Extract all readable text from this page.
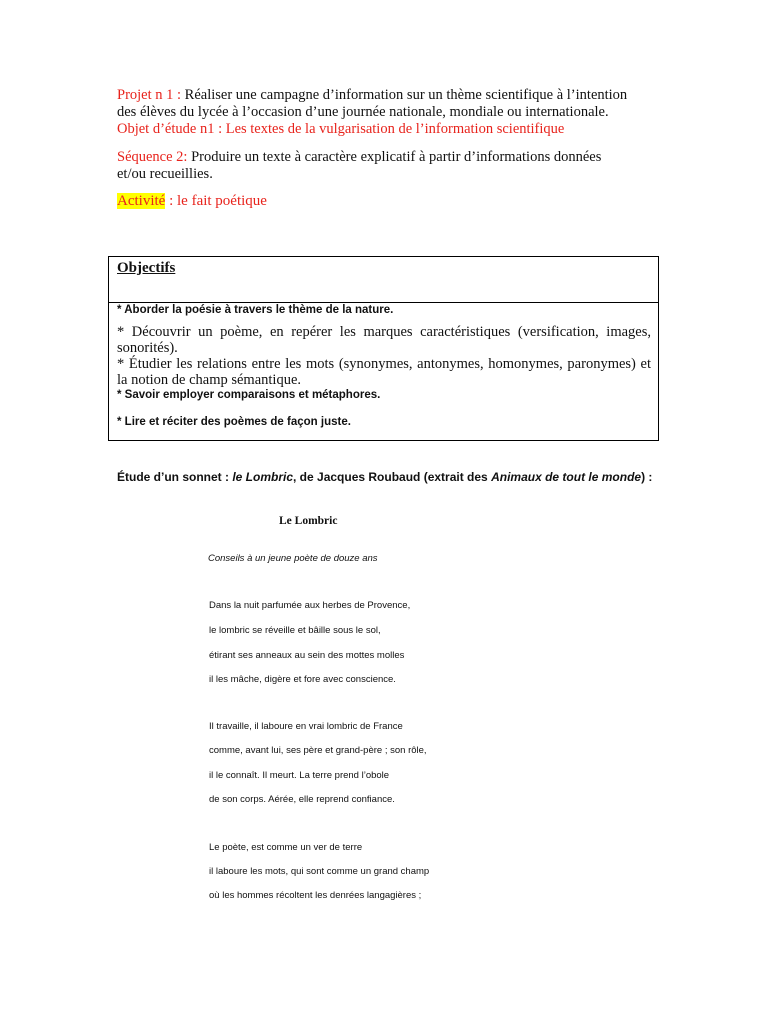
Projet n 1 : Réaliser une campagne d’information sur un thème scientifique à l’intention
des élèves du lycée à l’occasion d’une journée nationale, mondiale ou internationale.
Objet d’étude n1 : Les textes de la vulgarisation de l’information scientifique

Séquence 2: Produire un texte à caractère explicatif à partir d’informations données
et/ou recueillies.

Activité : le fait poétique

Objectifs

* Aborder la poésie à travers le thème de la nature.

* Découvrir un poème, en repérer les marques caractéristiques (versification, images, sonorités).

* Étudier les relations entre les mots (synonymes, antonymes, homonymes, paronymes) et la notion de champ sémantique.

* Savoir employer comparaisons et métaphores.

* Lire et réciter des poèmes de façon juste.

Étude d’un sonnet : le Lombric, de Jacques Roubaud (extrait des Animaux de tout le monde) :
Le Lombric
Conseils à un jeune poète de douze ans
Dans la nuit parfumée aux herbes de Provence,
le lombric se réveille et bâille sous le sol,
étirant ses anneaux au sein des mottes molles
il les mâche, digère et fore avec conscience.
Il travaille, il laboure en vrai lombric de France
comme, avant lui, ses père et grand-père ; son rôle,
il le connaît. Il meurt. La terre prend l’obole
de son corps. Aérée, elle reprend confiance.
Le poète, est comme un ver de terre
il laboure les mots, qui sont comme un grand champ
où les hommes récoltent les denrées langagières ;
